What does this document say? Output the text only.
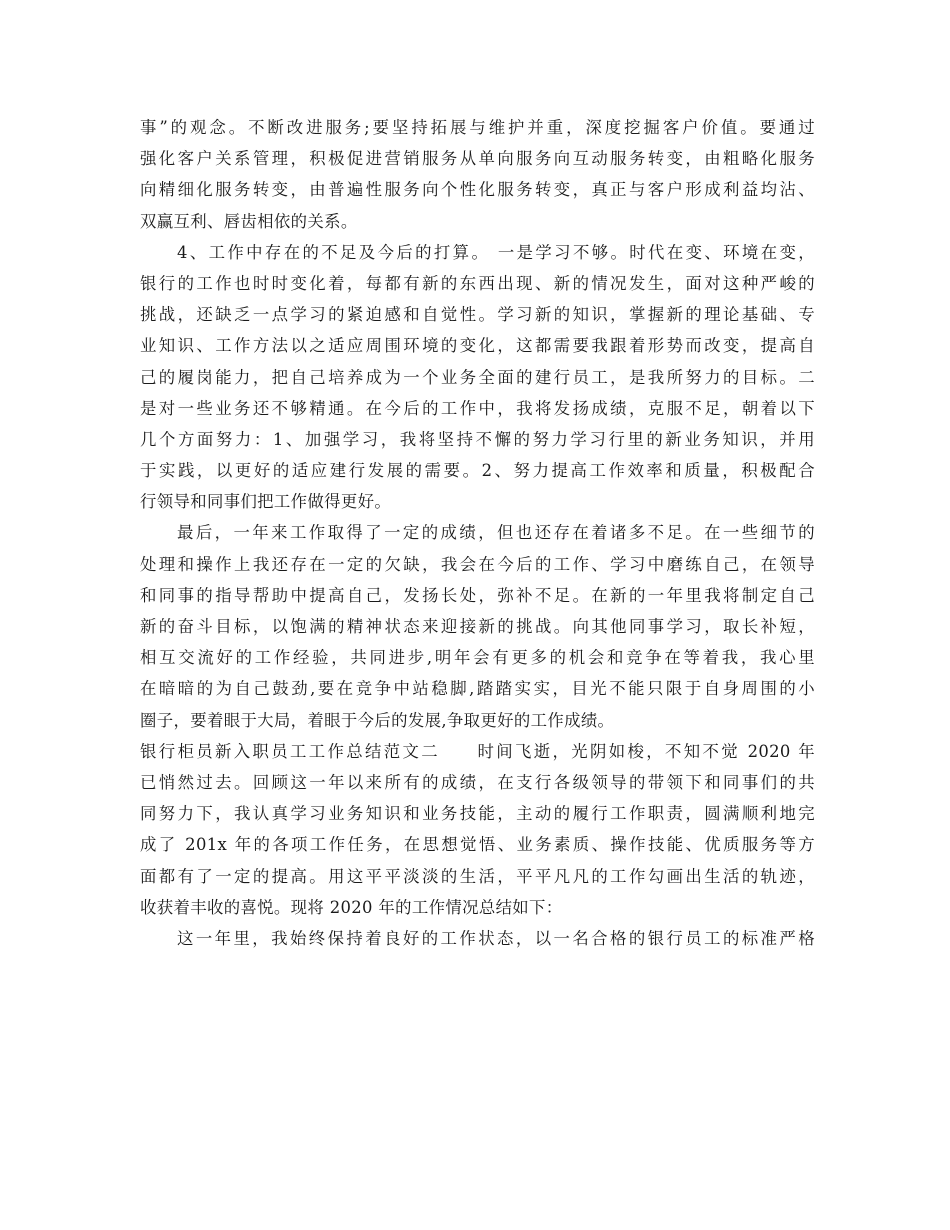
事”的观念。不断改进服务;要坚持拓展与维护并重，深度挖掘客户价值。要通过
强化客户关系管理，积极促进营销服务从单向服务向互动服务转变，由粗略化服务
向精细化服务转变，由普遍性服务向个性化服务转变，真正与客户形成利益均沾、
双赢互利、唇齿相依的关系。
4、工作中存在的不足及今后的打算。 一是学习不够。时代在变、环境在变，
银行的工作也时时变化着，每都有新的东西出现、新的情况发生，面对这种严峻的
挑战，还缺乏一点学习的紧迫感和自觉性。学习新的知识，掌握新的理论基础、专
业知识、工作方法以之适应周围环境的变化，这都需要我跟着形势而改变，提高自
己的履岗能力，把自己培养成为一个业务全面的建行员工，是我所努力的目标。二
是对一些业务还不够精通。在今后的工作中，我将发扬成绩，克服不足，朝着以下
几个方面努力：1、加强学习，我将坚持不懈的努力学习行里的新业务知识，并用
于实践，以更好的适应建行发展的需要。2、努力提高工作效率和质量，积极配合
行领导和同事们把工作做得更好。
最后，一年来工作取得了一定的成绩，但也还存在着诸多不足。在一些细节的
处理和操作上我还存在一定的欠缺，我会在今后的工作、学习中磨练自己，在领导
和同事的指导帮助中提高自己，发扬长处，弥补不足。在新的一年里我将制定自己
新的奋斗目标，以饱满的精神状态来迎接新的挑战。向其他同事学习，取长补短，
相互交流好的工作经验，共同进步,明年会有更多的机会和竞争在等着我，我心里
在暗暗的为自己鼓劲,要在竞争中站稳脚,踏踏实实，目光不能只限于自身周围的小
圈子，要着眼于大局，着眼于今后的发展,争取更好的工作成绩。
银行柜员新入职员工工作总结范文二　　时间飞逝，光阴如梭，不知不觉 2020 年
已悄然过去。回顾这一年以来所有的成绩，在支行各级领导的带领下和同事们的共
同努力下，我认真学习业务知识和业务技能，主动的履行工作职责，圆满顺利地完
成了 201x 年的各项工作任务，在思想觉悟、业务素质、操作技能、优质服务等方
面都有了一定的提高。用这平平淡淡的生活，平平凡凡的工作勾画出生活的轨迹，
收获着丰收的喜悦。现将 2020 年的工作情况总结如下：
这一年里，我始终保持着良好的工作状态，以一名合格的银行员工的标准严格
